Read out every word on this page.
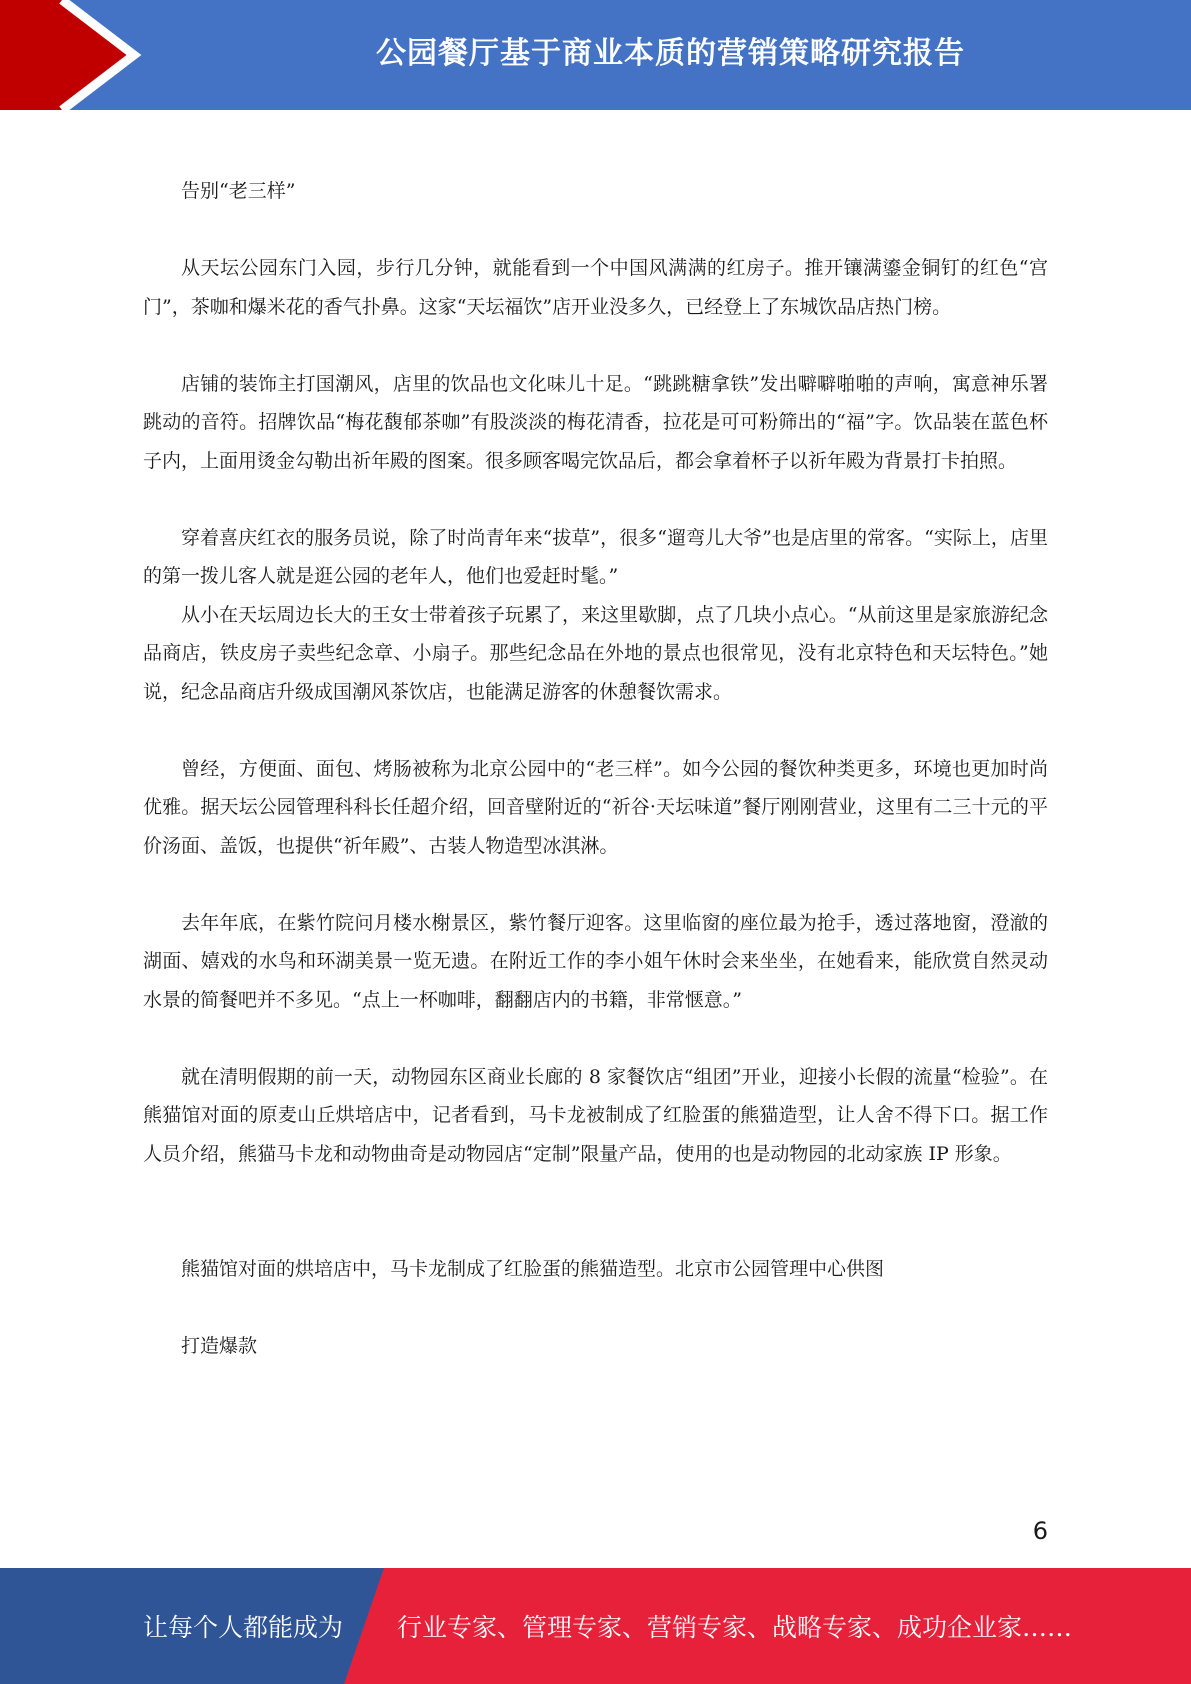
公园餐厅基于商业本质的营销策略研究报告

告别“老三样”

从天坛公园东门入园，步行几分钟，就能看到一个中国风满满的红房子。推开镶满鎏金铜钉的红色“宫门”，茶咖和爆米花的香气扑鼻。这家“天坛福饮”店开业没多久，已经登上了东城饮品店热门榜。

店铺的装饰主打国潮风，店里的饮品也文化味儿十足。“跳跳糖拿铁”发出噼噼啪啪的声响，寓意神乐署跳动的音符。招牌饮品“梅花馥郁茶咖”有股淡淡的梅花清香，拉花是可可粉筛出的“福”字。饮品装在蓝色杯子内，上面用烫金勾勒出祈年殿的图案。很多顾客喝完饮品后，都会拿着杯子以祈年殿为背景打卡拍照。

穿着喜庆红衣的服务员说，除了时尚青年来“拔草”，很多“遛弯儿大爷”也是店里的常客。“实际上，店里的第一拨儿客人就是逛公园的老年人，他们也爱赶时髦。”

从小在天坛周边长大的王女士带着孩子玩累了，来这里歇脚，点了几块小点心。“从前这里是家旅游纪念品商店，铁皮房子卖些纪念章、小扇子。那些纪念品在外地的景点也很常见，没有北京特色和天坛特色。”她说，纪念品商店升级成国潮风茶饮店，也能满足游客的休憩餐饮需求。

曾经，方便面、面包、烤肠被称为北京公园中的“老三样”。如今公园的餐饮种类更多，环境也更加时尚优雅。据天坛公园管理科科长任超介绍，回音壁附近的“祈谷·天坛味道”餐厅刚刚营业，这里有二三十元的平价汤面、盖饭，也提供“祈年殿”、古装人物造型冰淇淋。

去年年底，在紫竹院问月楼水榭景区，紫竹餐厅迎客。这里临窗的座位最为抢手，透过落地窗，澄澈的湖面、嬉戏的水鸟和环湖美景一览无遗。在附近工作的李小姐午休时会来坐坐，在她看来，能欣赏自然灵动水景的简餐吧并不多见。“点上一杯咖啡，翻翻店内的书籍，非常惬意。”

就在清明假期的前一天，动物园东区商业长廊的 8 家餐饮店“组团”开业，迎接小长假的流量“检验”。在熊猫馆对面的原麦山丘烘培店中，记者看到，马卡龙被制成了红脸蛋的熊猫造型，让人舍不得下口。据工作人员介绍，熊猫马卡龙和动物曲奇是动物园店“定制”限量产品，使用的也是动物园的北动家族 IP 形象。

熊猫馆对面的烘培店中，马卡龙制成了红脸蛋的熊猫造型。北京市公园管理中心供图

打造爆款

6
让每个人都能成为 行业专家、管理专家、营销专家、战略专家、成功企业家……
